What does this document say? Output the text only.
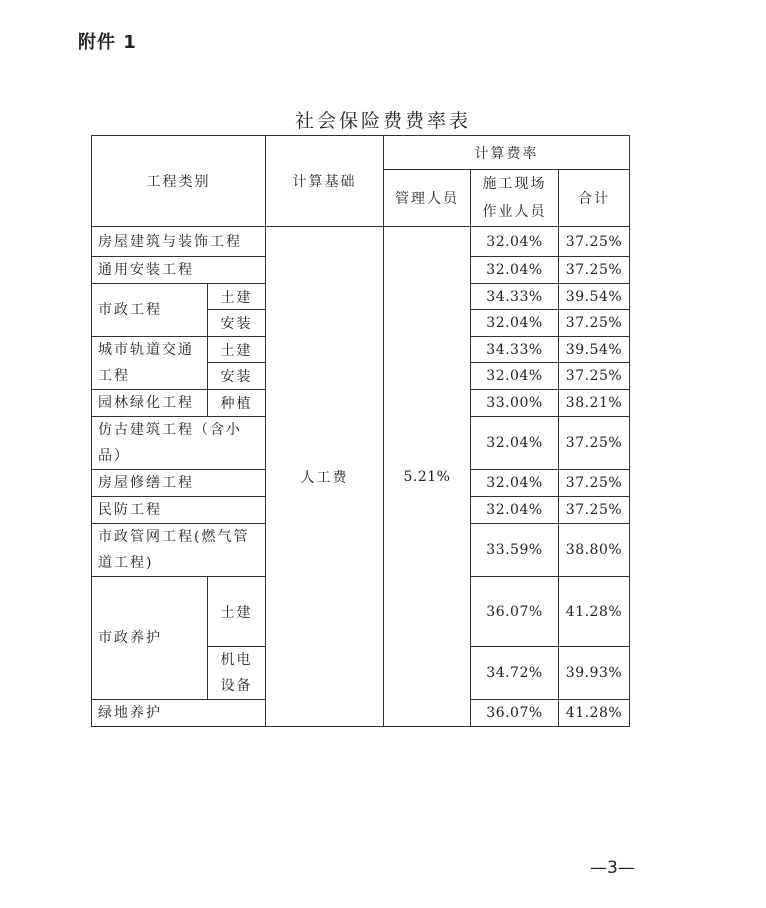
附件 1
社会保险费费率表
工程类别		计算基础	计算费率		
			管理人员	施工现场作业人员	合计
房屋建筑与装饰工程		人工费	5.21%	32.04%	37.25%
通用安装工程				32.04%	37.25%
市政工程	土建			34.33%	39.54%
	安装			32.04%	37.25%
城市轨道交通工程	土建			34.33%	39.54%
	安装			32.04%	37.25%
园林绿化工程	种植			33.00%	38.21%
仿古建筑工程（含小品）				32.04%	37.25%
房屋修缮工程				32.04%	37.25%
民防工程				32.04%	37.25%
市政管网工程(燃气管道工程)				33.59%	38.80%
市政养护	土建			36.07%	41.28%
	机电设备			34.72%	39.93%
绿地养护				36.07%	41.28%
—3—
